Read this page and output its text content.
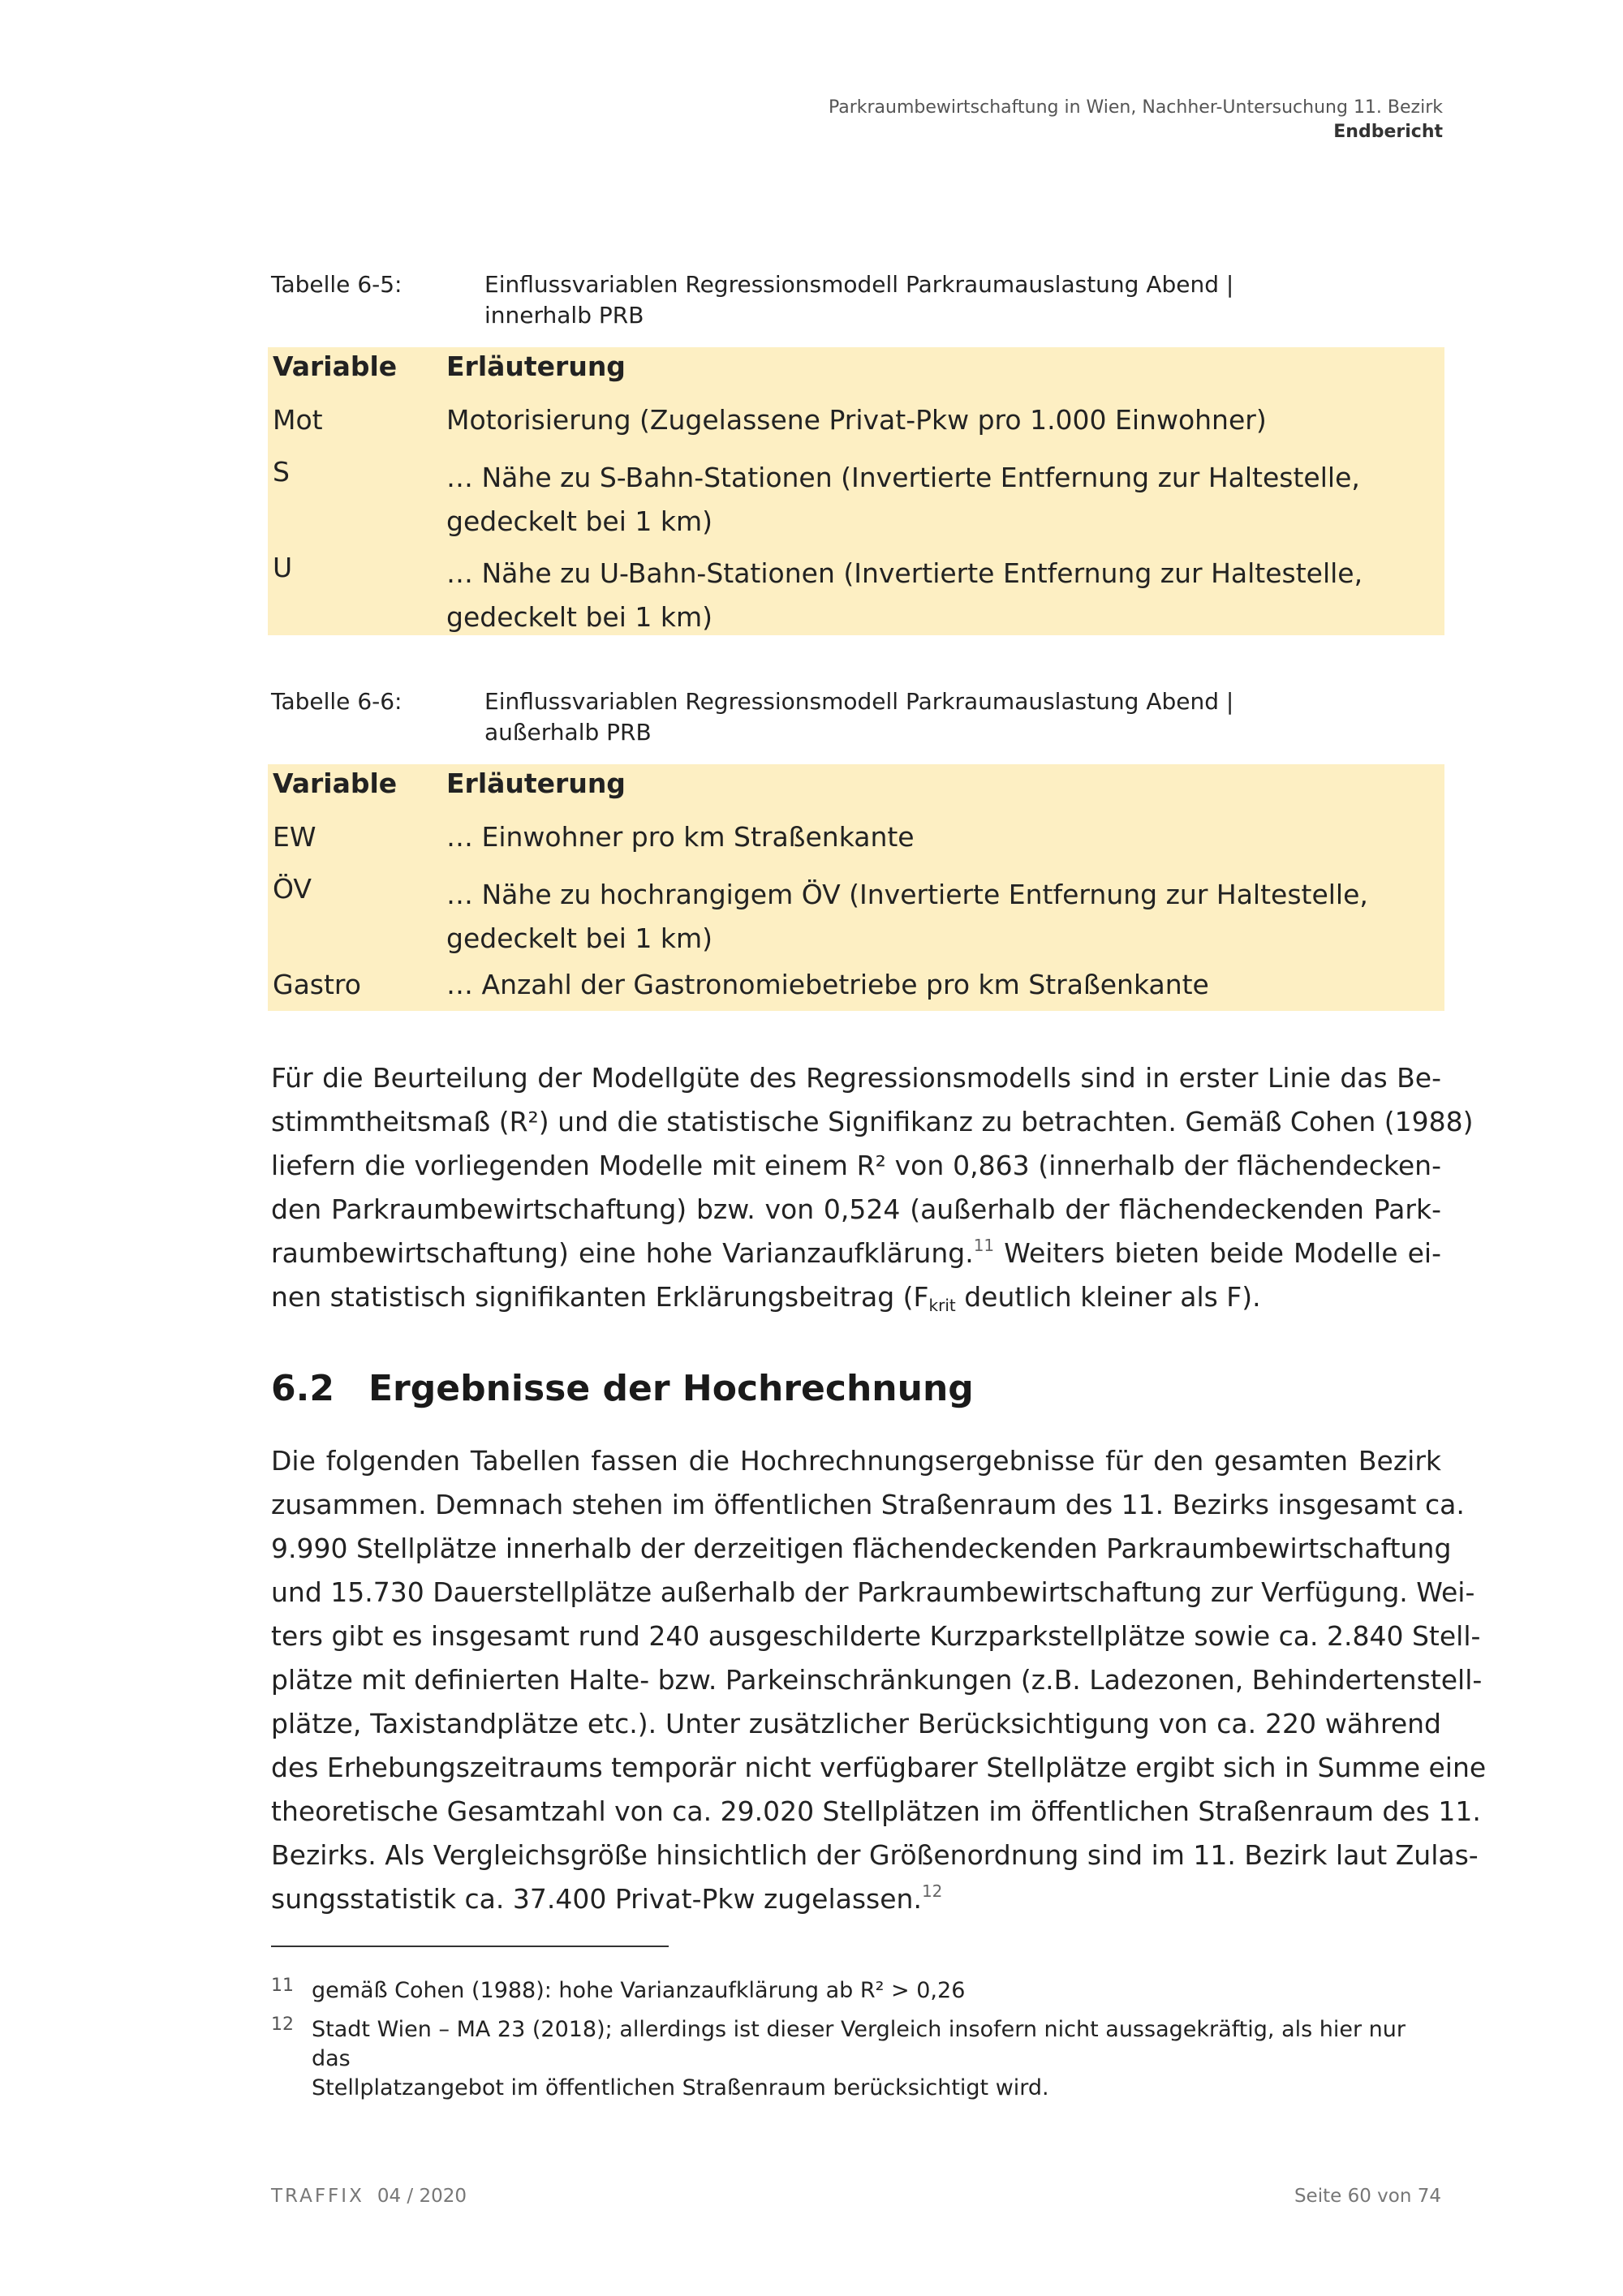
Parkraumbewirtschaftung in Wien, Nachher-Untersuchung 11. Bezirk
Endbericht
Tabelle 6-5:	Einflussvariablen Regressionsmodell Parkraumauslastung Abend |
innerhalb PRB
Variable Erläuterung
Mot	Motorisierung (Zugelassene Privat-Pkw pro 1.000 Einwohner)
S	… Nähe zu S-Bahn-Stationen (Invertierte Entfernung zur Haltestelle,
gedeckelt bei 1 km)
U	… Nähe zu U-Bahn-Stationen (Invertierte Entfernung zur Haltestelle,
gedeckelt bei 1 km)
Tabelle 6-6:	Einflussvariablen Regressionsmodell Parkraumauslastung Abend |
außerhalb PRB
Variable Erläuterung
EW	… Einwohner pro km Straßenkante
ÖV	… Nähe zu hochrangigem ÖV (Invertierte Entfernung zur Haltestelle,
gedeckelt bei 1 km)
Gastro	… Anzahl der Gastronomiebetriebe pro km Straßenkante
Für die Beurteilung der Modellgüte des Regressionsmodells sind in erster Linie das Be-
stimmtheitsmaß (R²) und die statistische Signifikanz zu betrachten. Gemäß Cohen (1988)
liefern die vorliegenden Modelle mit einem R² von 0,863 (innerhalb der flächendecken-
den Parkraumbewirtschaftung) bzw. von 0,524 (außerhalb der flächendeckenden Park-
raumbewirtschaftung) eine hohe Varianzaufklärung.$^{11}$ Weiters bieten beide Modelle ei-
nen statistisch signifikanten Erklärungsbeitrag ($F_{krit}$ deutlich kleiner als F).
6.2 Ergebnisse der Hochrechnung
Die folgenden Tabellen fassen die Hochrechnungsergebnisse für den gesamten Bezirk
zusammen. Demnach stehen im öffentlichen Straßenraum des 11. Bezirks insgesamt ca.
9.990 Stellplätze innerhalb der derzeitigen flächendeckenden Parkraumbewirtschaftung
und 15.730 Dauerstellplätze außerhalb der Parkraumbewirtschaftung zur Verfügung. Wei-
ters gibt es insgesamt rund 240 ausgeschilderte Kurzparkstellplätze sowie ca. 2.840 Stell-
plätze mit definierten Halte- bzw. Parkeinschränkungen (z.B. Ladezonen, Behindertenstell-
plätze, Taxistandplätze etc.). Unter zusätzlicher Berücksichtigung von ca. 220 während
des Erhebungszeitraums temporär nicht verfügbarer Stellplätze ergibt sich in Summe eine
theoretische Gesamtzahl von ca. 29.020 Stellplätzen im öffentlichen Straßenraum des 11.
Bezirks. Als Vergleichsgröße hinsichtlich der Größenordnung sind im 11. Bezirk laut Zulas-
sungsstatistik ca. 37.400 Privat-Pkw zugelassen.$^{12}$
11 gemäß Cohen (1988): hohe Varianzaufklärung ab R² > 0,26
12 Stadt Wien – MA 23 (2018); allerdings ist dieser Vergleich insofern nicht aussagekräftig, als hier nur das
Stellplatzangebot im öffentlichen Straßenraum berücksichtigt wird.
TRAFFIX 04 / 2020	Seite 60 von 74
